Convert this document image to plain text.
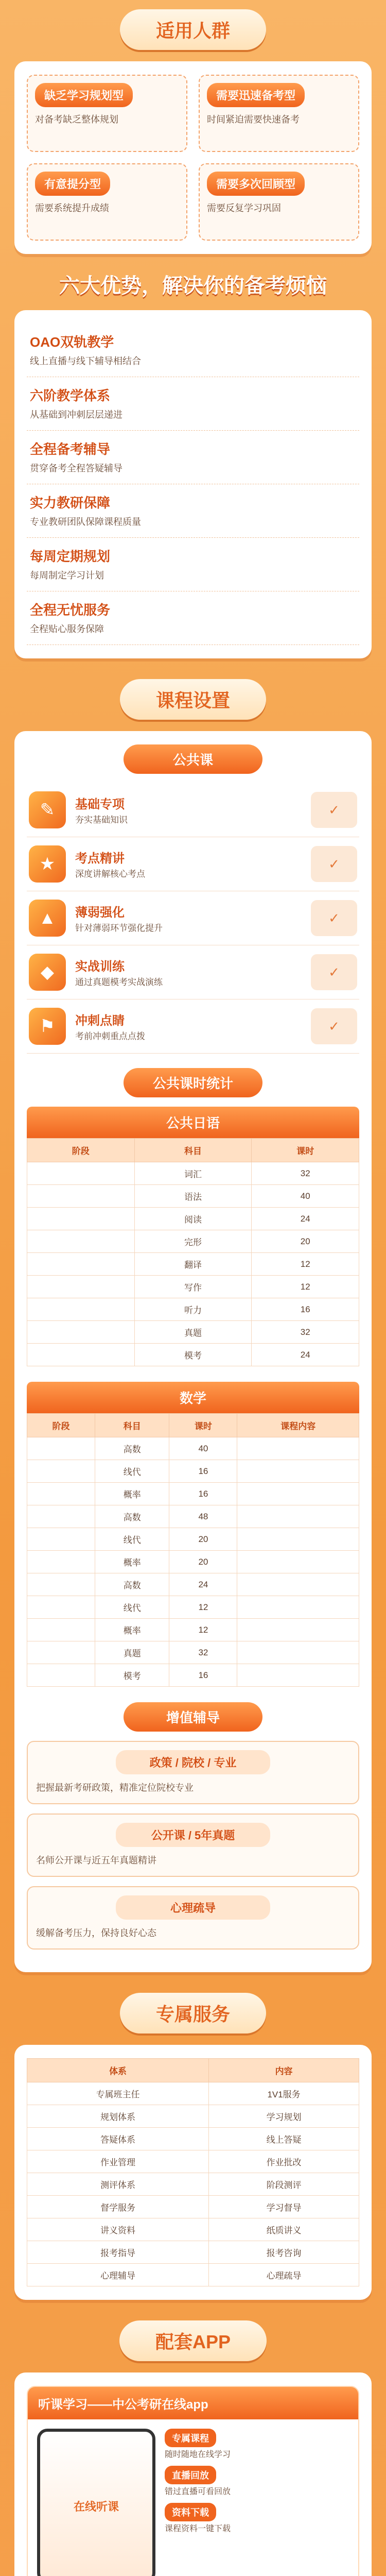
适用人群
缺乏学习规划型
对备考缺乏整体规划
需要迅速备考型
时间紧迫需要快速备考
有意提分型
需要系统提升成绩
需要多次回顾型
需要反复学习巩固
六大优势，解决你的备考烦恼
OAO双轨教学
线上直播与线下辅导相结合
六阶教学体系
从基础到冲刺层层递进
全程备考辅导
贯穿备考全程答疑辅导
实力教研保障
专业教研团队保障课程质量
每周定期规划
每周制定学习计划
全程无忧服务
全程贴心服务保障
课程设置
公共课
✎	基础专项
夯实基础知识
✓
★	考点精讲
深度讲解核心考点
✓
▲	薄弱强化
针对薄弱环节强化提升
✓
◆	实战训练
通过真题模考实战演练
✓
⚑	冲刺点睛
考前冲刺重点点拨
✓
公共课时统计
公共日语
阶段	科目	课时
	词汇	32
	语法	40
	阅读	24
	完形	20
	翻译	12
	写作	12
	听力	16
	真题	32
	模考	24
数学
阶段	科目	课时	课程内容
	高数	40	
	线代	16	
	概率	16	
	高数	48	
	线代	20	
	概率	20	
	高数	24	
	线代	12	
	概率	12	
	真题	32	
	模考	16	
增值辅导
政策 / 院校 / 专业
把握最新考研政策，精准定位院校专业
公开课 / 5年真题
名师公开课与近五年真题精讲
心理疏导
缓解备考压力，保持良好心态
专属服务
体系	内容
专属班主任	1V1服务
规划体系	学习规划
答疑体系	线上答疑
作业管理	作业批改
测评体系	阶段测评
督学服务	学习督导
讲义资料	纸质讲义
报考指导	报考咨询
心理辅导	心理疏导
配套APP
听课学习——中公考研在线app
在线听课
专属课程
随时随地在线学习
直播回放
错过直播可看回放
资料下载
课程资料一键下载
